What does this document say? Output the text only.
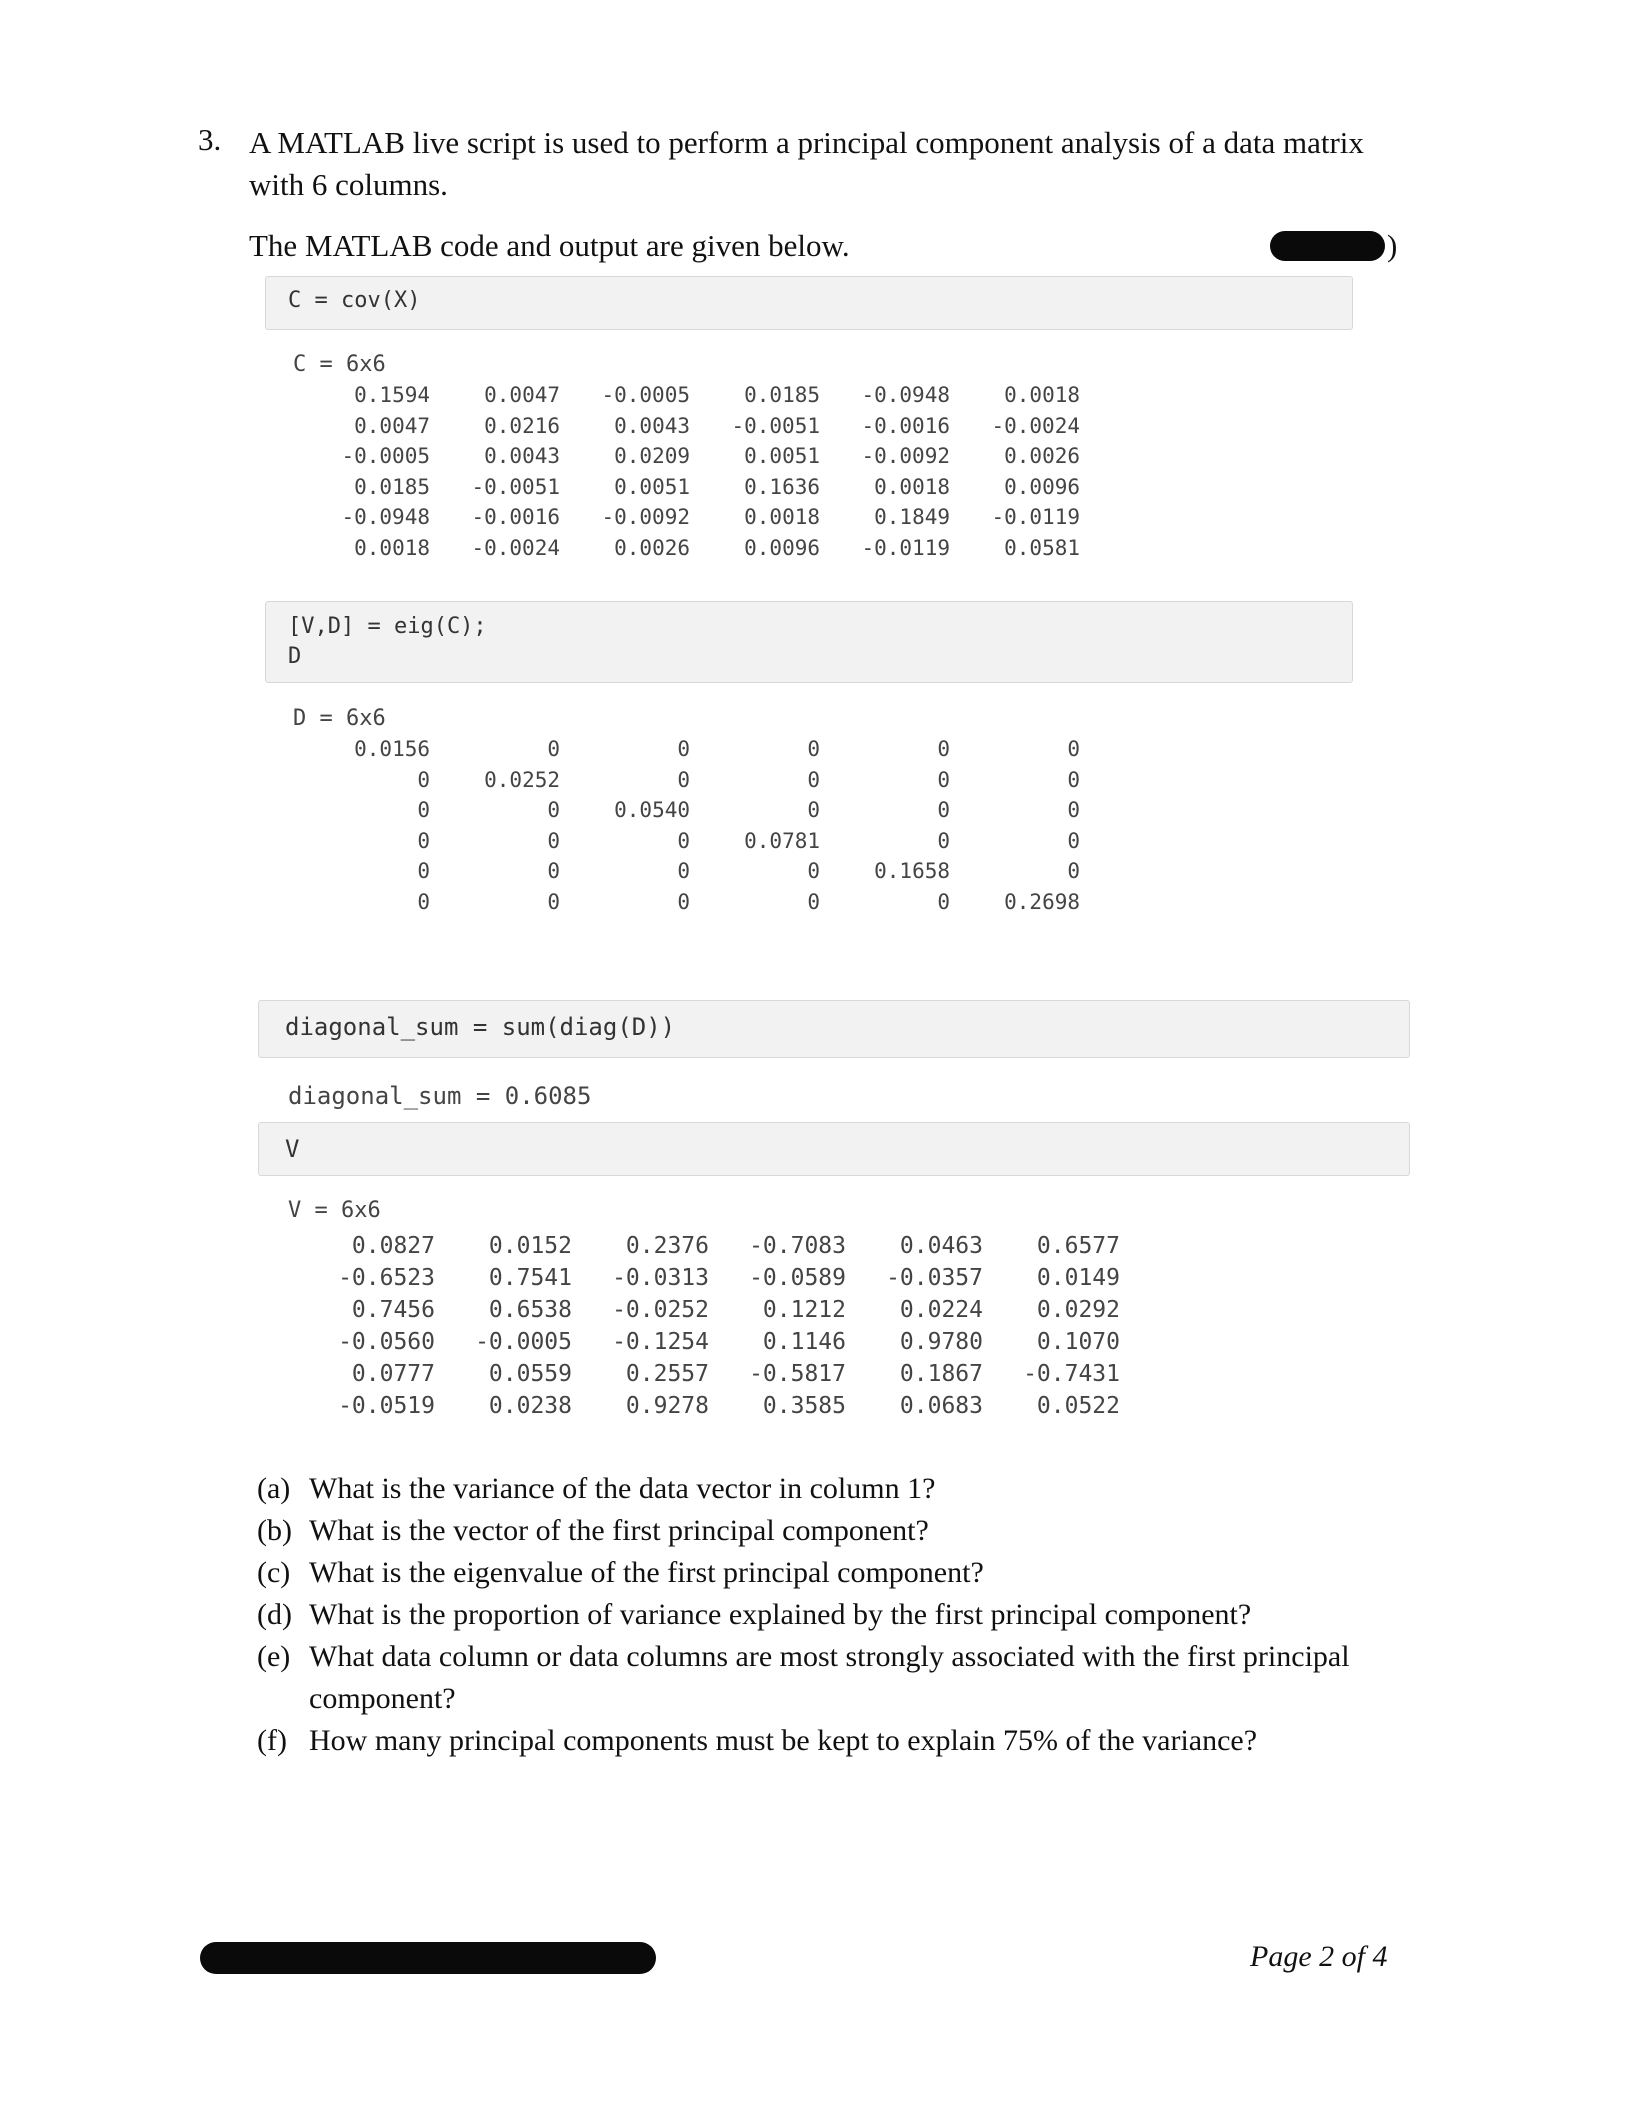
3. A MATLAB live script is used to perform a principal component analysis of a data matrix with 6 columns.
The MATLAB code and output are given below.	)
C = cov(X)
C = 6x6
0.1594	0.0047	-0.0005	0.0185	-0.0948	0.0018
0.0047	0.0216	0.0043	-0.0051	-0.0016	-0.0024
-0.0005	0.0043	0.0209	0.0051	-0.0092	0.0026
0.0185	-0.0051	0.0051	0.1636	0.0018	0.0096
-0.0948	-0.0016	-0.0092	0.0018	0.1849	-0.0119
0.0018	-0.0024	0.0026	0.0096	-0.0119	0.0581
[V,D] = eig(C);
D
D = 6x6
0.0156	0	0	0	0	0
0	0.0252	0	0	0	0
0	0	0.0540	0	0	0
0	0	0	0.0781	0	0
0	0	0	0	0.1658	0
0	0	0	0	0	0.2698
diagonal_sum = sum(diag(D))
diagonal_sum = 0.6085
V
V = 6x6
0.0827	0.0152	0.2376	-0.7083	0.0463	0.6577
-0.6523	0.7541	-0.0313	-0.0589	-0.0357	0.0149
0.7456	0.6538	-0.0252	0.1212	0.0224	0.0292
-0.0560	-0.0005	-0.1254	0.1146	0.9780	0.1070
0.0777	0.0559	0.2557	-0.5817	0.1867	-0.7431
-0.0519	0.0238	0.9278	0.3585	0.0683	0.0522
(a) What is the variance of the data vector in column 1?
(b) What is the vector of the first principal component?
(c) What is the eigenvalue of the first principal component?
(d) What is the proportion of variance explained by the first principal component?
(e) What data column or data columns are most strongly associated with the first principal component?
(f) How many principal components must be kept to explain 75% of the variance?
Page 2 of 4
